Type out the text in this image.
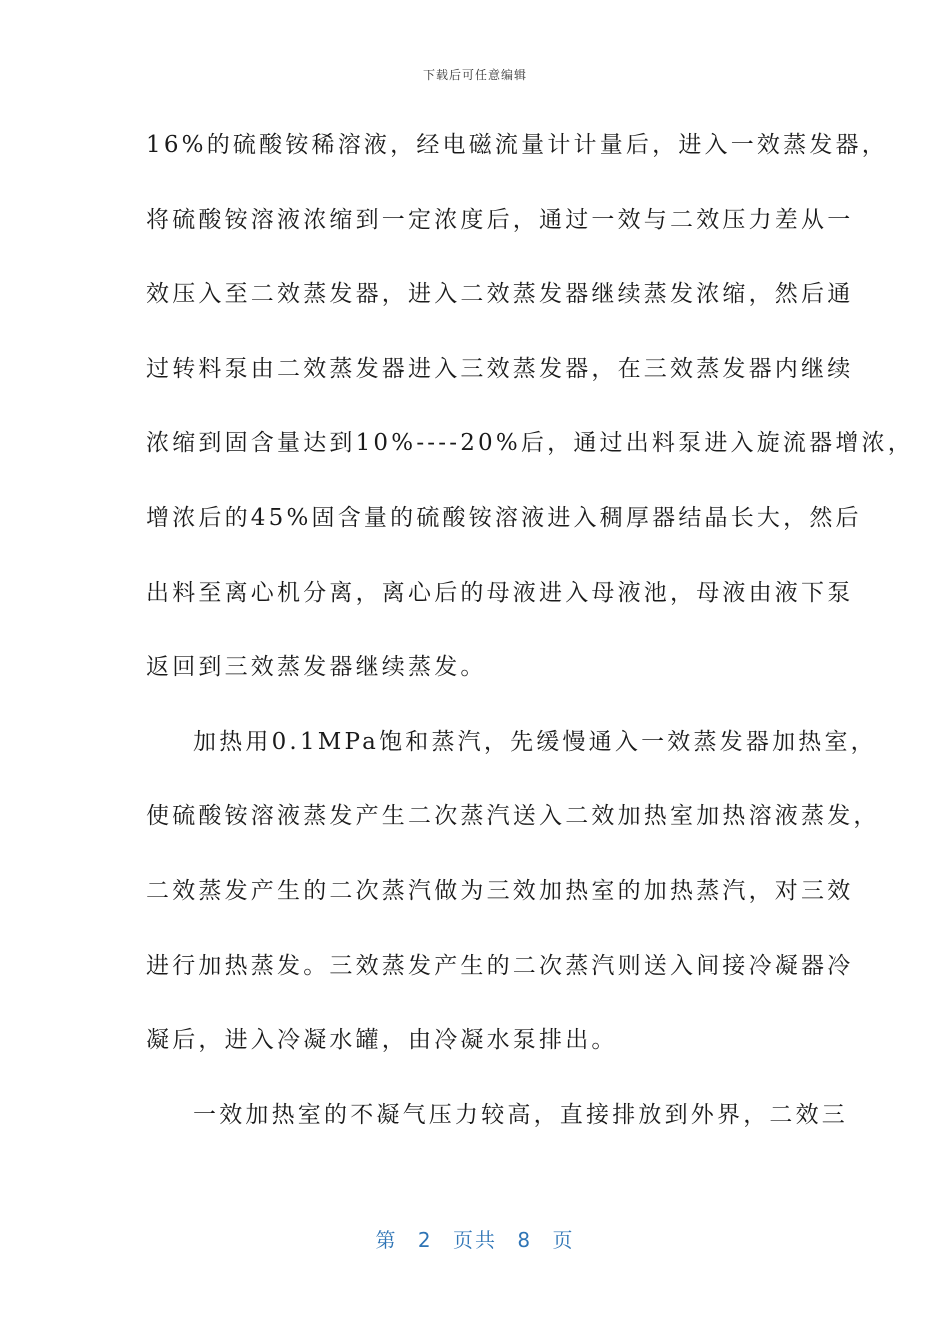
下载后可任意编辑
16%的硫酸铵稀溶液，经电磁流量计计量后，进入一效蒸发器，
将硫酸铵溶液浓缩到一定浓度后，通过一效与二效压力差从一
效压入至二效蒸发器，进入二效蒸发器继续蒸发浓缩，然后通
过转料泵由二效蒸发器进入三效蒸发器，在三效蒸发器内继续
浓缩到固含量达到10%----20%后，通过出料泵进入旋流器增浓，
增浓后的45%固含量的硫酸铵溶液进入稠厚器结晶长大，然后
出料至离心机分离，离心后的母液进入母液池，母液由液下泵
返回到三效蒸发器继续蒸发。
加热用0.1MPa饱和蒸汽，先缓慢通入一效蒸发器加热室，
使硫酸铵溶液蒸发产生二次蒸汽送入二效加热室加热溶液蒸发，
二效蒸发产生的二次蒸汽做为三效加热室的加热蒸汽，对三效
进行加热蒸发。三效蒸发产生的二次蒸汽则送入间接冷凝器冷
凝后，进入冷凝水罐，由冷凝水泵排出。
一效加热室的不凝气压力较高，直接排放到外界，二效三
第 2 页共 8 页
